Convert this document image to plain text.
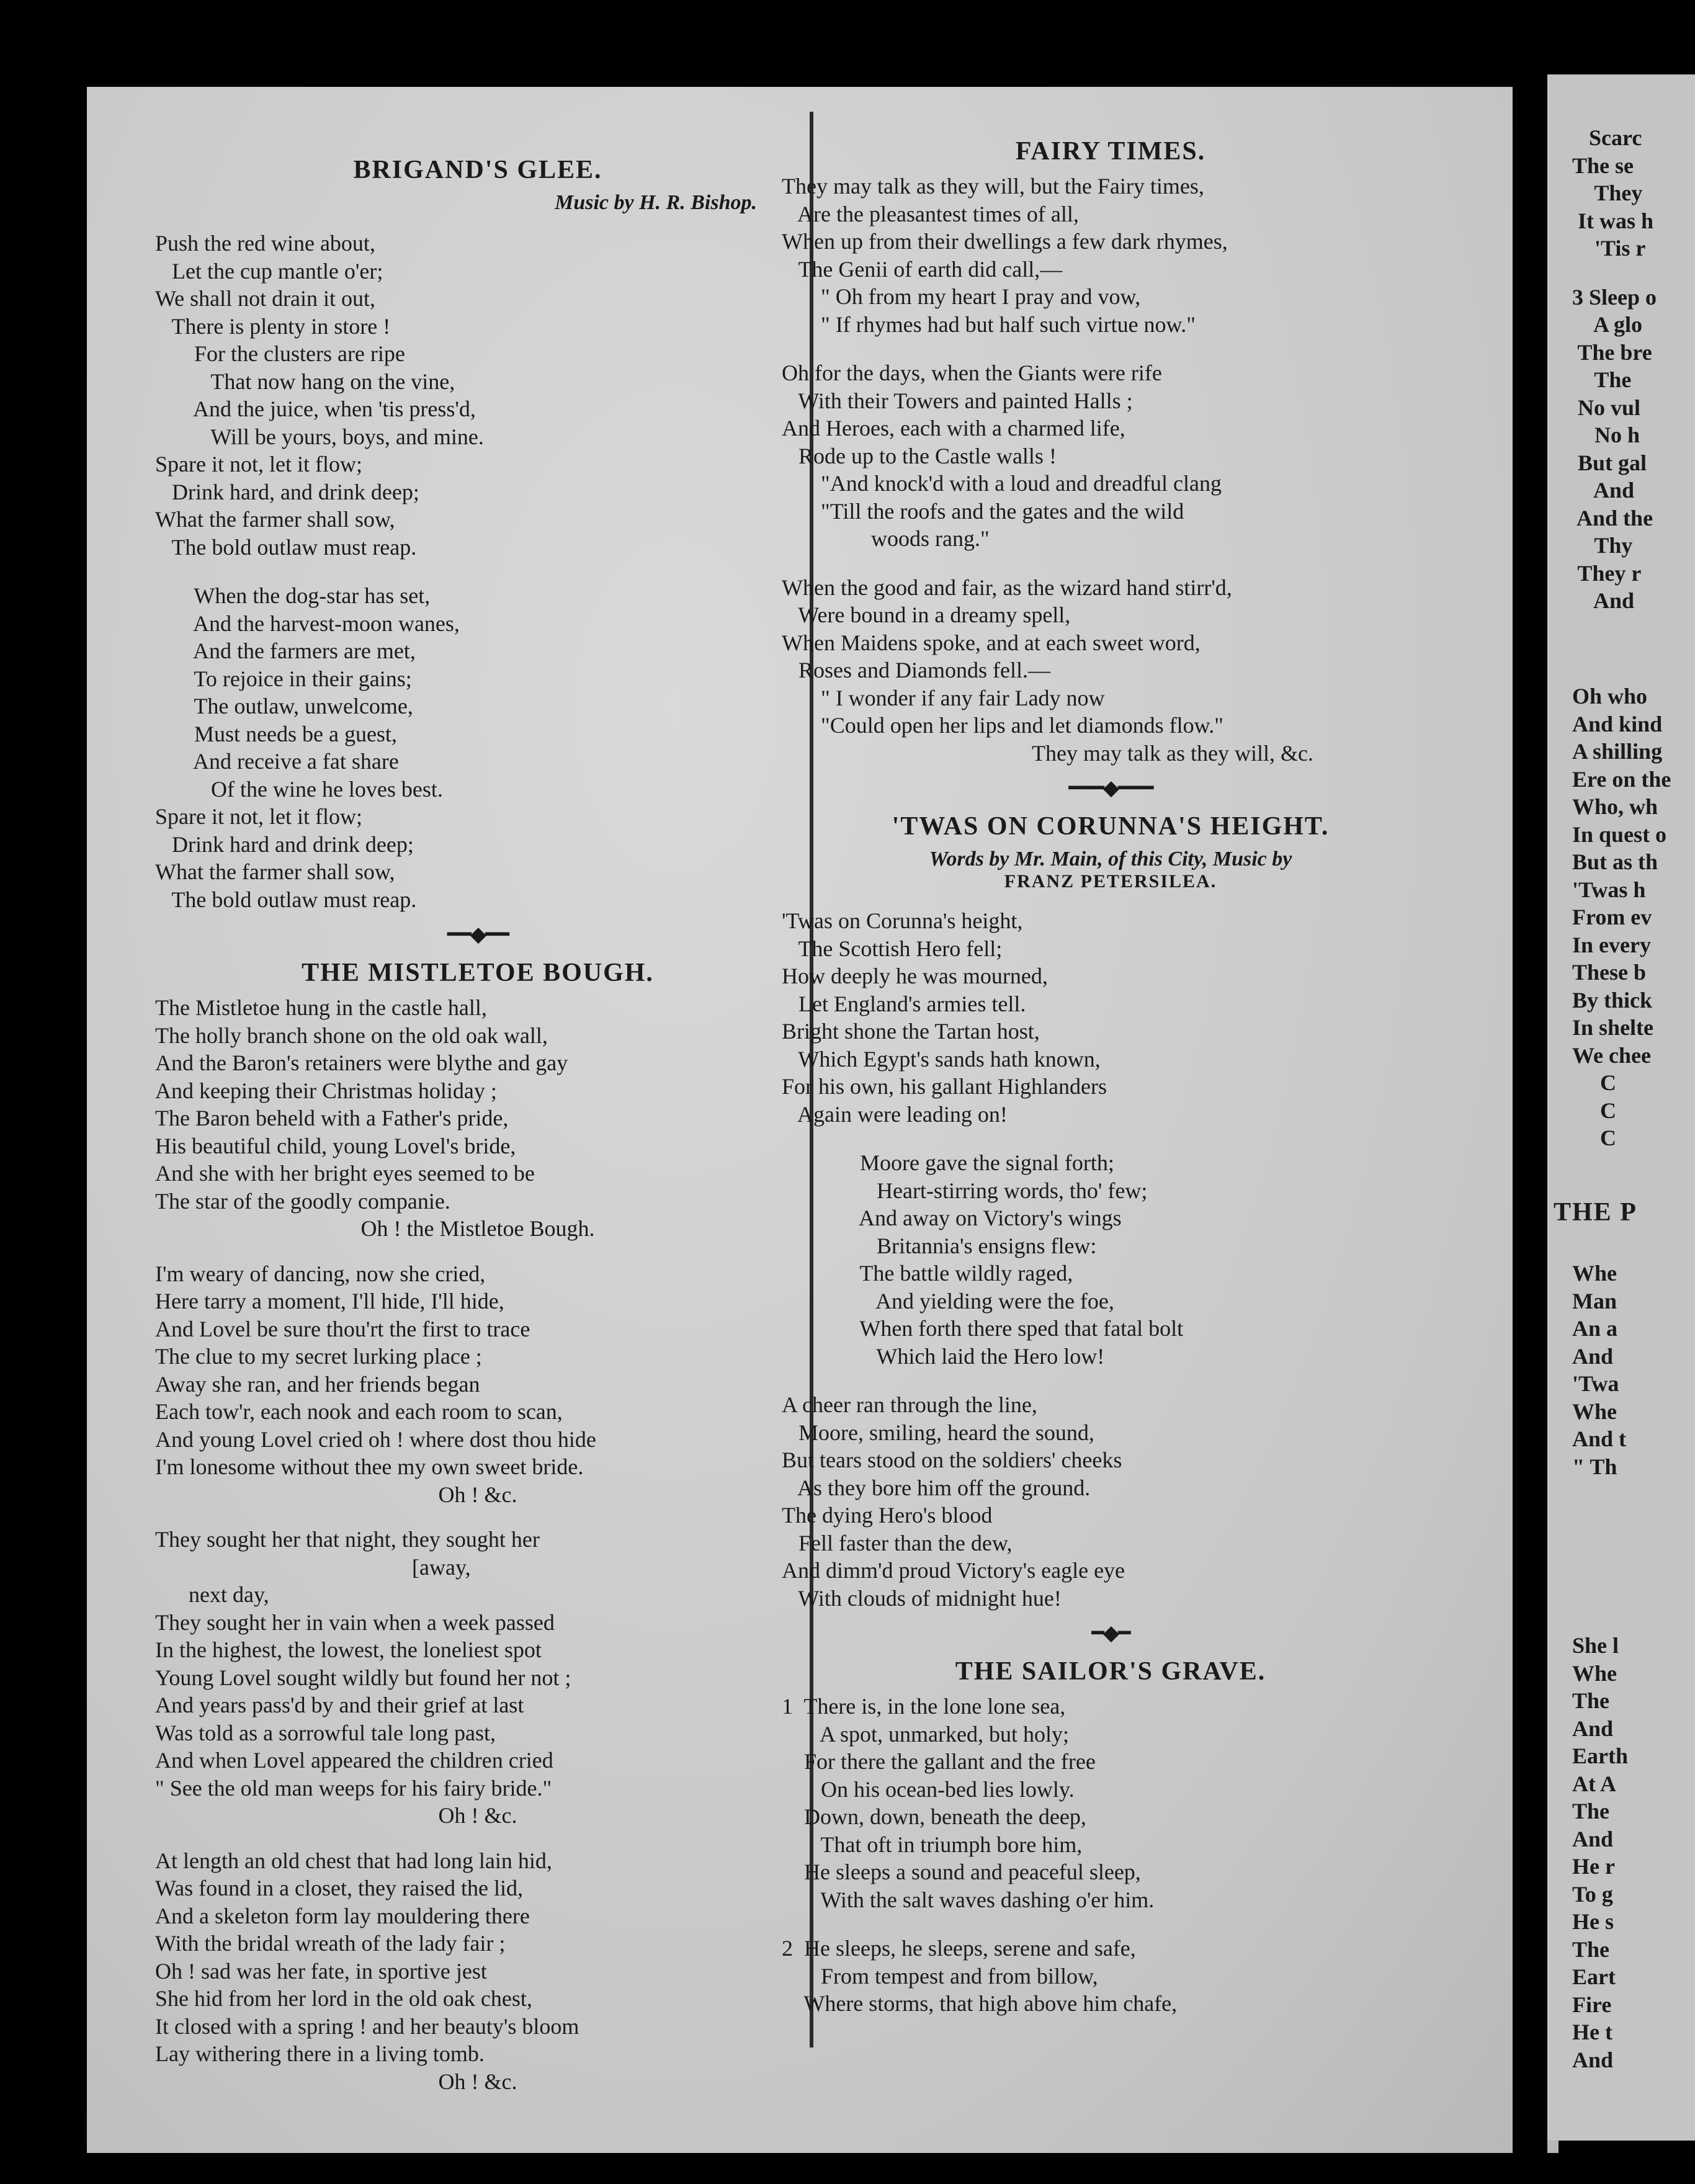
Scarc
The se
They
It was h
'Tis r
3 Sleep o
A glo
The bre
The
No vul
No h
But gal
And
And the
Thy
They r
And
Oh who
And kind
A shilling
Ere on the
Who, wh
In quest o
But as th
'Twas h
From ev
In every
These b
By thick
In shelte
We chee
C
C
C
THE P
Whe
Man
An a
And
'Twa
Whe
And t
" Th
She l
Whe
The
And
Earth
At A
The
And
He r
To g
He s
The
Eart
Fire
He t
And
BRIGAND'S GLEE.
Music by H. R. Bishop.
Push the red wine about,
Let the cup mantle o'er;
We shall not drain it out,
There is plenty in store !
For the clusters are ripe
That now hang on the vine,
And the juice, when 'tis press'd,
Will be yours, boys, and mine.
Spare it not, let it flow;
Drink hard, and drink deep;
What the farmer shall sow,
The bold outlaw must reap.
When the dog-star has set,
And the harvest-moon wanes,
And the farmers are met,
To rejoice in their gains;
The outlaw, unwelcome,
Must needs be a guest,
And receive a fat share
Of the wine he loves best.
Spare it not, let it flow;
Drink hard and drink deep;
What the farmer shall sow,
The bold outlaw must reap.
━━◆━━
THE MISTLETOE BOUGH.
The Mistletoe hung in the castle hall,
The holly branch shone on the old oak wall,
And the Baron's retainers were blythe and gay
And keeping their Christmas holiday ;
The Baron beheld with a Father's pride,
His beautiful child, young Lovel's bride,
And she with her bright eyes seemed to be
The star of the goodly companie.
Oh ! the Mistletoe Bough.
I'm weary of dancing, now she cried,
Here tarry a moment, I'll hide, I'll hide,
And Lovel be sure thou'rt the first to trace
The clue to my secret lurking place ;
Away she ran, and her friends began
Each tow'r, each nook and each room to scan,
And young Lovel cried oh ! where dost thou hide
I'm lonesome without thee my own sweet bride.
Oh ! &c.
They sought her that night, they sought her
[away,
next day,
They sought her in vain when a week passed
In the highest, the lowest, the loneliest spot
Young Lovel sought wildly but found her not ;
And years pass'd by and their grief at last
Was told as a sorrowful tale long past,
And when Lovel appeared the children cried
" See the old man weeps for his fairy bride."
Oh ! &c.
At length an old chest that had long lain hid,
Was found in a closet, they raised the lid,
And a skeleton form lay mouldering there
With the bridal wreath of the lady fair ;
Oh ! sad was her fate, in sportive jest
She hid from her lord in the old oak chest,
It closed with a spring ! and her beauty's bloom
Lay withering there in a living tomb.
Oh ! &c.
FAIRY TIMES.
They may talk as they will, but the Fairy times,
Are the pleasantest times of all,
When up from their dwellings a few dark rhymes,
The Genii of earth did call,—
" Oh from my heart I pray and vow,
" If rhymes had but half such virtue now."
Oh for the days, when the Giants were rife
With their Towers and painted Halls ;
And Heroes, each with a charmed life,
Rode up to the Castle walls !
"And knock'd with a loud and dreadful clang
"Till the roofs and the gates and the wild
woods rang."
When the good and fair, as the wizard hand stirr'd,
Were bound in a dreamy spell,
When Maidens spoke, and at each sweet word,
Roses and Diamonds fell.—
" I wonder if any fair Lady now
"Could open her lips and let diamonds flow."
They may talk as they will, &c.
━━━◆━━━
'TWAS ON CORUNNA'S HEIGHT.
Words by Mr. Main, of this City, Music by
FRANZ PETERSILEA.
'Twas on Corunna's height,
The Scottish Hero fell;
How deeply he was mourned,
Let England's armies tell.
Bright shone the Tartan host,
Which Egypt's sands hath known,
For his own, his gallant Highlanders
Again were leading on!
Moore gave the signal forth;
Heart-stirring words, tho' few;
And away on Victory's wings
Britannia's ensigns flew:
The battle wildly raged,
And yielding were the foe,
When forth there sped that fatal bolt
Which laid the Hero low!
A cheer ran through the line,
Moore, smiling, heard the sound,
But tears stood on the soldiers' cheeks
As they bore him off the ground.
The dying Hero's blood
Fell faster than the dew,
And dimm'd proud Victory's eagle eye
With clouds of midnight hue!
━◆━
THE SAILOR'S GRAVE.
1  There is, in the lone lone sea,
A spot, unmarked, but holy;
For there the gallant and the free
On his ocean-bed lies lowly.
Down, down, beneath the deep,
That oft in triumph bore him,
He sleeps a sound and peaceful sleep,
With the salt waves dashing o'er him.
2  He sleeps, he sleeps, serene and safe,
From tempest and from billow,
Where storms, that high above him chafe,
